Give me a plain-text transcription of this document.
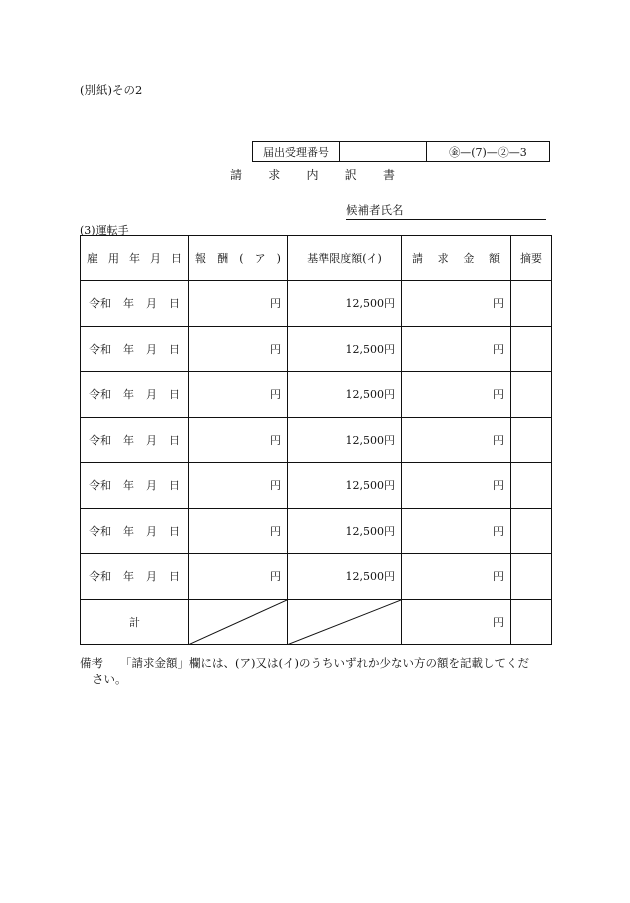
(別紙)その2
届出受理番号	㊎—(7)—②—3
請 求 内 訳 書
候補者氏名
(3)運転手
雇 用 年 月 日	報 酬 ( ア )	基準限度額(イ)	請 求 金 額	摘要

令和 年 月 日	円	12,500円	円	

令和 年 月 日	円	12,500円	円	

令和 年 月 日	円	12,500円	円	

令和 年 月 日	円	12,500円	円	

令和 年 月 日	円	12,500円	円	

令和 年 月 日	円	12,500円	円	

令和 年 月 日	円	12,500円	円	
計			円	
備考 「請求金額」欄には、(ア)又は(イ)のうちいずれか少ない方の額を記載してくだ
さい。
